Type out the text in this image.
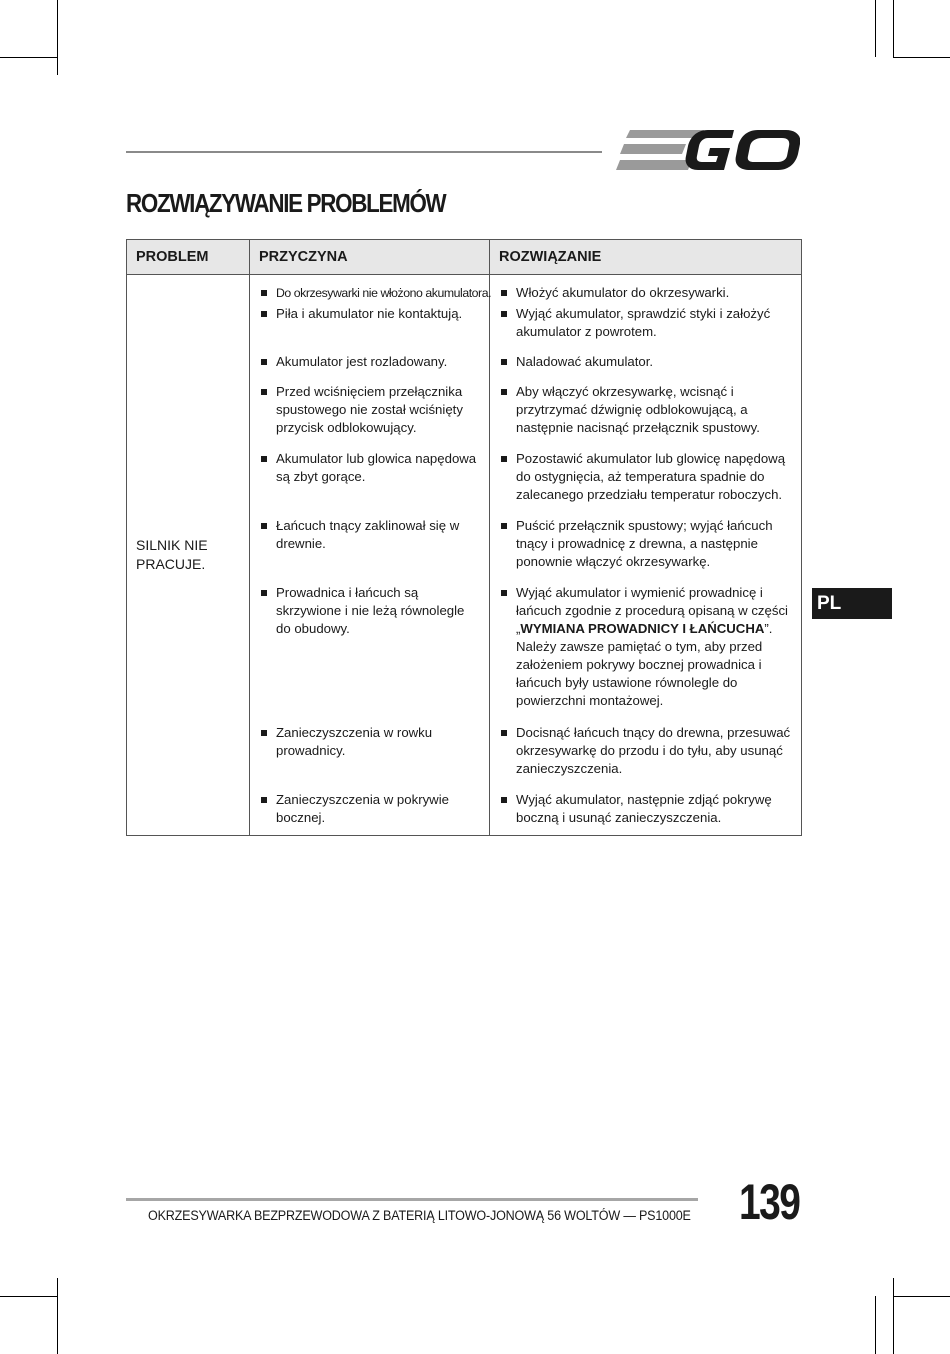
ROZWIĄZYWANIE PROBLEMÓW
PROBLEM	PRZYCZYNA	ROZWIĄZANIE

SILNIK NIE PRACUJE.	Do okrzesywarki nie włożono akumulatora.	Włożyć akumulator do okrzesywarki.

	Piła i akumulator nie kontaktują.	Wyjąć akumulator, sprawdzić styki i założyć akumulator z powrotem.

	Akumulator jest rozladowany.	Naladować akumulator.

	Przed wciśnięciem przełącznika spustowego nie został wciśnięty przycisk odblokowujący.	Aby włączyć okrzesywarkę, wcisnąć i przytrzymać dźwignię odblokowującą, a następnie nacisnąć przełącznik spustowy.

	Akumulator lub glowica napędowa są zbyt gorące.	Pozostawić akumulator lub glowicę napędową do ostygnięcia, aż temperatura spadnie do zalecanego przedziału temperatur roboczych.

	Łańcuch tnący zaklinował się w drewnie.	Puścić przełącznik spustowy; wyjąć łańcuch tnący i prowadnicę z drewna, a następnie ponownie włączyć okrzesywarkę.

	Prowadnica i łańcuch są skrzywione i nie leżą równolegle do obudowy.	Wyjąć akumulator i wymienić prowadnicę i łańcuch zgodnie z procedurą opisaną w części „WYMIANA PROWADNICY I ŁAŃCUCHA”. Należy zawsze pamiętać o tym, aby przed założeniem pokrywy bocznej prowadnica i łańcuch były ustawione równolegle do powierzchni montażowej.

	Zanieczyszczenia w rowku prowadnicy.	Docisnąć łańcuch tnący do drewna, przesuwać okrzesywarkę do przodu i do tyłu, aby usunąć zanieczyszczenia.

	Zanieczyszczenia w pokrywie bocznej.	Wyjąć akumulator, następnie zdjąć pokrywę boczną i usunąć zanieczyszczenia.
PL
OKRZESYWARKA BEZPRZEWODOWA Z BATERIĄ LITOWO-JONOWĄ 56 WOLTÓW — PS1000E 139
